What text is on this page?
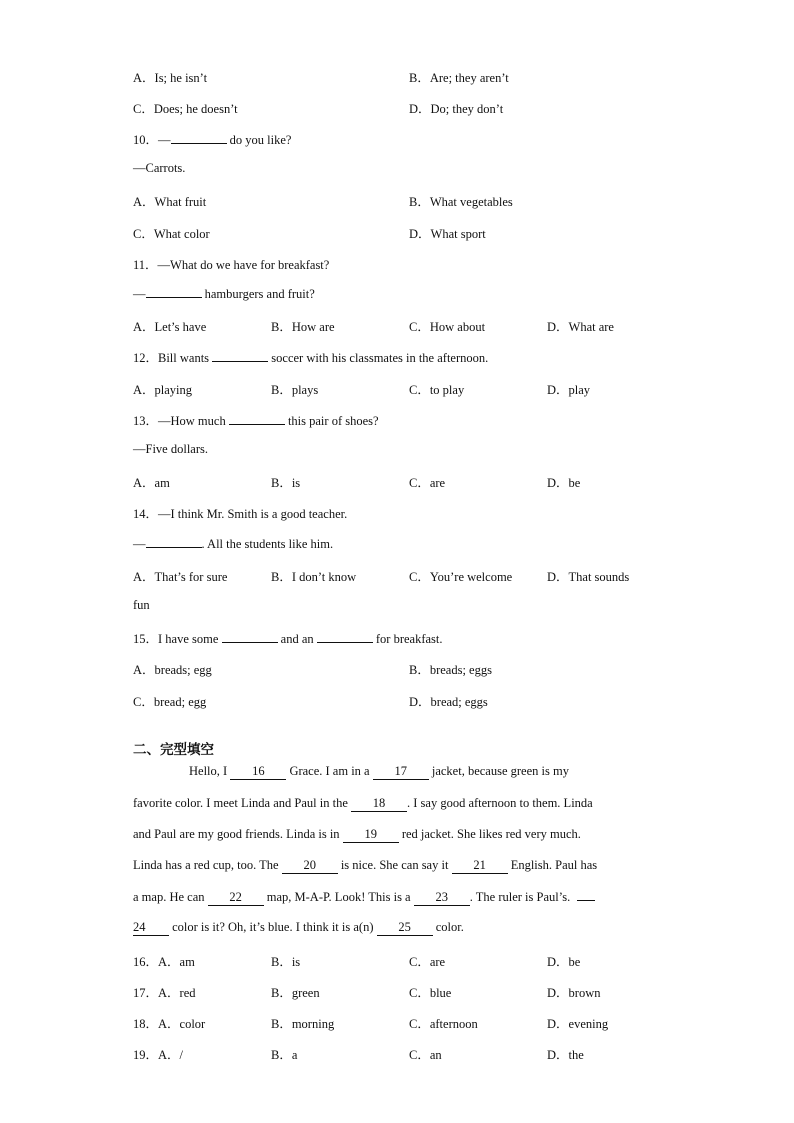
A．Is; he isn’t	B．Are; they aren’t
C．Does; he doesn’t	D．Do; they don’t
10．—	do you like?
—Carrots.
A．What fruit	B．What vegetables
C．What color	D．What sport
11．—What do we have for breakfast?
—	hamburgers and fruit?
A．Let’s have	B．How are	C．How about	D．What are
12．Bill wants	soccer with his classmates in the afternoon.
A．playing	B．plays	C．to play	D．play
13．—How much	this pair of shoes?
—Five dollars.
A．am	B．is	C．are	D．be
14．—I think Mr. Smith is a good teacher.
—	. All the students like him.
A．That’s for sure	B．I don’t know	C．You’re welcome	D．That sounds
fun
15．I have some	and an	for breakfast.
A．breads; egg	B．breads; eggs
C．bread; egg	D．bread; eggs
二、完型填空
Hello, I 16 Grace. I am in a 17 jacket, because green is my
favorite color. I meet Linda and Paul in the 18 . I say good afternoon to them. Linda
and Paul are my good friends. Linda is in 19 red jacket. She likes red very much.
Linda has a red cup, too. The 20 is nice. She can say it 21 English. Paul has
a map. He can 22 map, M-A-P. Look! This is a 23 . The ruler is Paul’s.
24 color is it? Oh, it’s blue. I think it is a(n) 25 color.
16．A．am	B．is	C．are	D．be
17．A．red	B．green	C．blue	D．brown
18．A．color	B．morning	C．afternoon	D．evening
19．A．/	B．a	C．an	D．the
